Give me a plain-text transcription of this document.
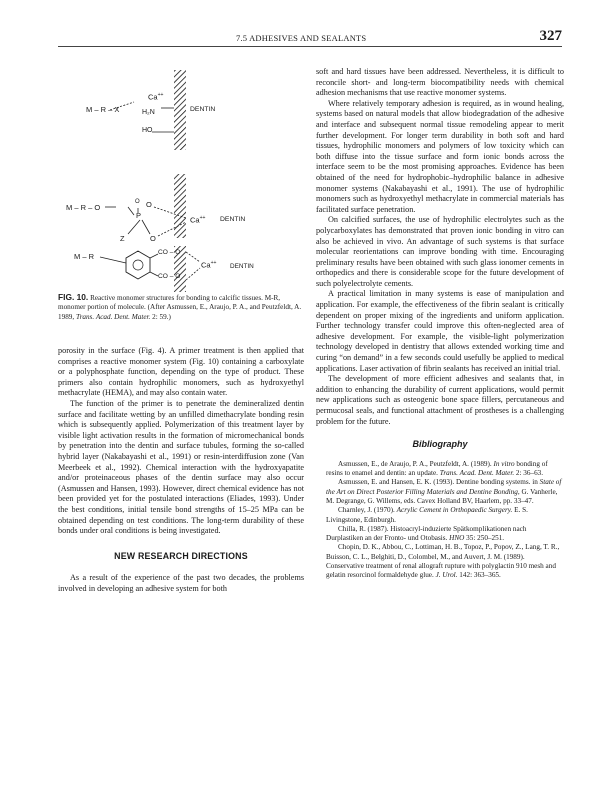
7.5 ADHESIVES AND SEALANTS	327
M – R – X
Ca++
H₂N
HO
DENTIN
M – R – O	O
P
O
Z	O
Ca++ DENTIN
M – R	CO – O
CO – O
Ca++ DENTIN
FIG. 10. Reactive monomer structures for bonding to calcific tissues. M-R, monomer portion of molecule. (After Asmussen, E., Araujo, P. A., and Peutzfeldt, A. 1989, Trans. Acad. Dent. Mater. 2: 59.)

porosity in the surface (Fig. 4). A primer treatment is then applied that comprises a reactive monomer system (Fig. 10) containing a carboxylate or a polyphosphate function, depending on the type of product. These primers also contain hydrophilic monomers, such as hydroxyethyl methacrylate (HEMA), and may also contain water.

The function of the primer is to penetrate the demineralized dentin surface and facilitate wetting by an unfilled dimethacrylate bonding resin which is subsequently applied. Polymerization of this treatment layer by visible light activation results in the formation of micromechanical bonds by penetration into the dentin and surface tubules, forming the so-called hybrid layer (Nakabayashi et al., 1991) or resin-interdiffusion zone (Van Meerbeek et al., 1992). Chemical interaction with the hydroxyapatite and/or proteinaceous phases of the dentin surface may also occur (Asmussen and Hansen, 1993). However, direct chemical evidence has not been provided yet for the postulated interactions (Eliades, 1993). Under the best conditions, initial tensile bond strengths of 15–25 MPa can be obtained depending on test conditions. The long-term durability of these bonds under oral conditions is being investigated.

NEW RESEARCH DIRECTIONS

As a result of the experience of the past two decades, the problems involved in developing an adhesive system for both

soft and hard tissues have been addressed. Nevertheless, it is difficult to reconcile short- and long-term biocompatibility needs with chemical adhesion mechanisms that use reactive monomer systems.

Where relatively temporary adhesion is required, as in wound healing, systems based on natural models that allow biodegradation of the adhesive and interface and subsequent normal tissue remodeling appear to merit further development. For longer term durability in both soft and hard tissues, hydrophilic monomers and polymers of low toxicity which can both diffuse into the tissue surface and form ionic bonds across the interface seem to be the most promising approaches. Evidence has been obtained of the need for hydrophobic–hydrophilic balance in adhesive monomer systems (Nakabayashi et al., 1991). The use of hydrophilic monomers such as hydroxyethyl methacrylate in commercial materials has facilitated surface penetration.

On calcified surfaces, the use of hydrophilic electrolytes such as the polycarboxylates has demonstrated that proven ionic bonding in vitro can also be achieved in vivo. An advantage of such systems is that surface molecular reorientations can improve bonding with time. Encouraging preliminary results have been obtained with such glass ionomer cements in orthopedics and there is considerable scope for the future development of such polyelectrolyte cements.

A practical limitation in many systems is ease of manipulation and application. For example, the effectiveness of the fibrin sealant is critically dependent on proper mixing of the ingredients and uniform application. Further technology transfer could improve this often-neglected area of adhesive development. For example, the visible-light polymerization technology developed in dentistry that allows extended working time and curing “on demand” in a few seconds could usefully be applied to medical applications. Laser activation of fibrin sealants has received an initial trial.

The development of more efficient adhesives and sealants that, in addition to enhancing the durability of current applications, would permit new applications such as osteogenic bone space fillers, percutaneous and permucosal seals, and functional attachment of prostheses is a challenging problem for the future.

Bibliography

Asmussen, E., de Araujo, P. A., Peutzfeldt, A. (1989). In vitro bonding of resins to enamel and dentin: an update. Trans. Acad. Dent. Mater. 2: 36–63.

Asmussen, E. and Hansen, E. K. (1993). Dentine bonding systems. in State of the Art on Direct Posterior Filling Materials and Dentine Bonding, G. Vanherle, M. Degrange, G. Willems, eds. Cavex Holland BV, Haarlem, pp. 33–47.

Charnley, J. (1970). Acrylic Cement in Orthopaedic Surgery. E. S. Livingstone, Edinburgh.

Chilla, R. (1987). Histoacryl-induzierte Spätkomplikationen nach Durplastiken an der Fronto- und Otobasis. HNO 35: 250–251.

Chopin, D. K., Abbou, C., Lottiman, H. B., Topoz, P., Popov, Z., Lang, T. R., Buisson, C. L., Belghiti, D., Colombel, M., and Auvert, J. M. (1989). Conservative treatment of renal allograft rupture with polyglactin 910 mesh and gelatin resorcinol formaldehyde glue. J. Urol. 142: 363–365.
